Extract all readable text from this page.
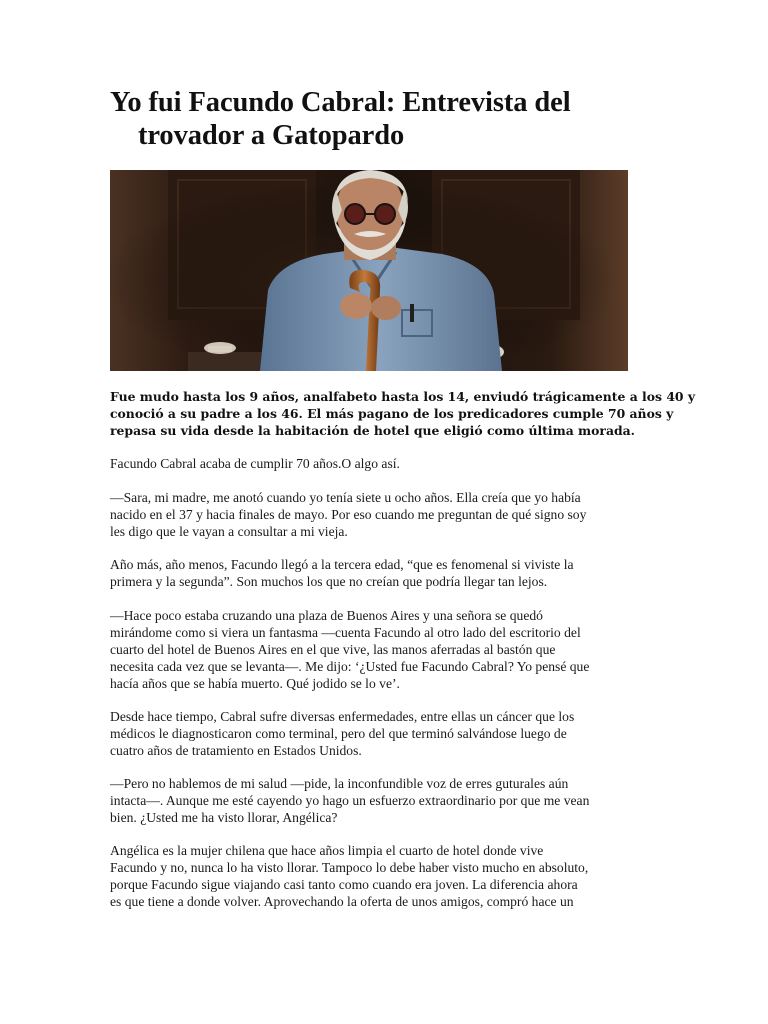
Yo fui Facundo Cabral: Entrevista del
trovador a Gatopardo

Fue mudo hasta los 9 años, analfabeto hasta los 14, enviudó trágicamente a los 40 y
conoció a su padre a los 46. El más pagano de los predicadores cumple 70 años y
repasa su vida desde la habitación de hotel que eligió como última morada.

Facundo Cabral acaba de cumplir 70 años.O algo así.

—Sara, mi madre, me anotó cuando yo tenía siete u ocho años. Ella creía que yo había
nacido en el 37 y hacia finales de mayo. Por eso cuando me preguntan de qué signo soy
les digo que le vayan a consultar a mi vieja.

Año más, año menos, Facundo llegó a la tercera edad, “que es fenomenal si viviste la
primera y la segunda”. Son muchos los que no creían que podría llegar tan lejos.

—Hace poco estaba cruzando una plaza de Buenos Aires y una señora se quedó
mirándome como si viera un fantasma —cuenta Facundo al otro lado del escritorio del
cuarto del hotel de Buenos Aires en el que vive, las manos aferradas al bastón que
necesita cada vez que se levanta—. Me dijo: ‘¿Usted fue Facundo Cabral? Yo pensé que
hacía años que se había muerto. Qué jodido se lo ve’.

Desde hace tiempo, Cabral sufre diversas enfermedades, entre ellas un cáncer que los
médicos le diagnosticaron como terminal, pero del que terminó salvándose luego de
cuatro años de tratamiento en Estados Unidos.

—Pero no hablemos de mi salud —pide, la inconfundible voz de erres guturales aún
intacta—. Aunque me esté cayendo yo hago un esfuerzo extraordinario por que me vean
bien. ¿Usted me ha visto llorar, Angélica?

Angélica es la mujer chilena que hace años limpia el cuarto de hotel donde vive
Facundo y no, nunca lo ha visto llorar. Tampoco lo debe haber visto mucho en absoluto,
porque Facundo sigue viajando casi tanto como cuando era joven. La diferencia ahora
es que tiene a donde volver. Aprovechando la oferta de unos amigos, compró hace un
